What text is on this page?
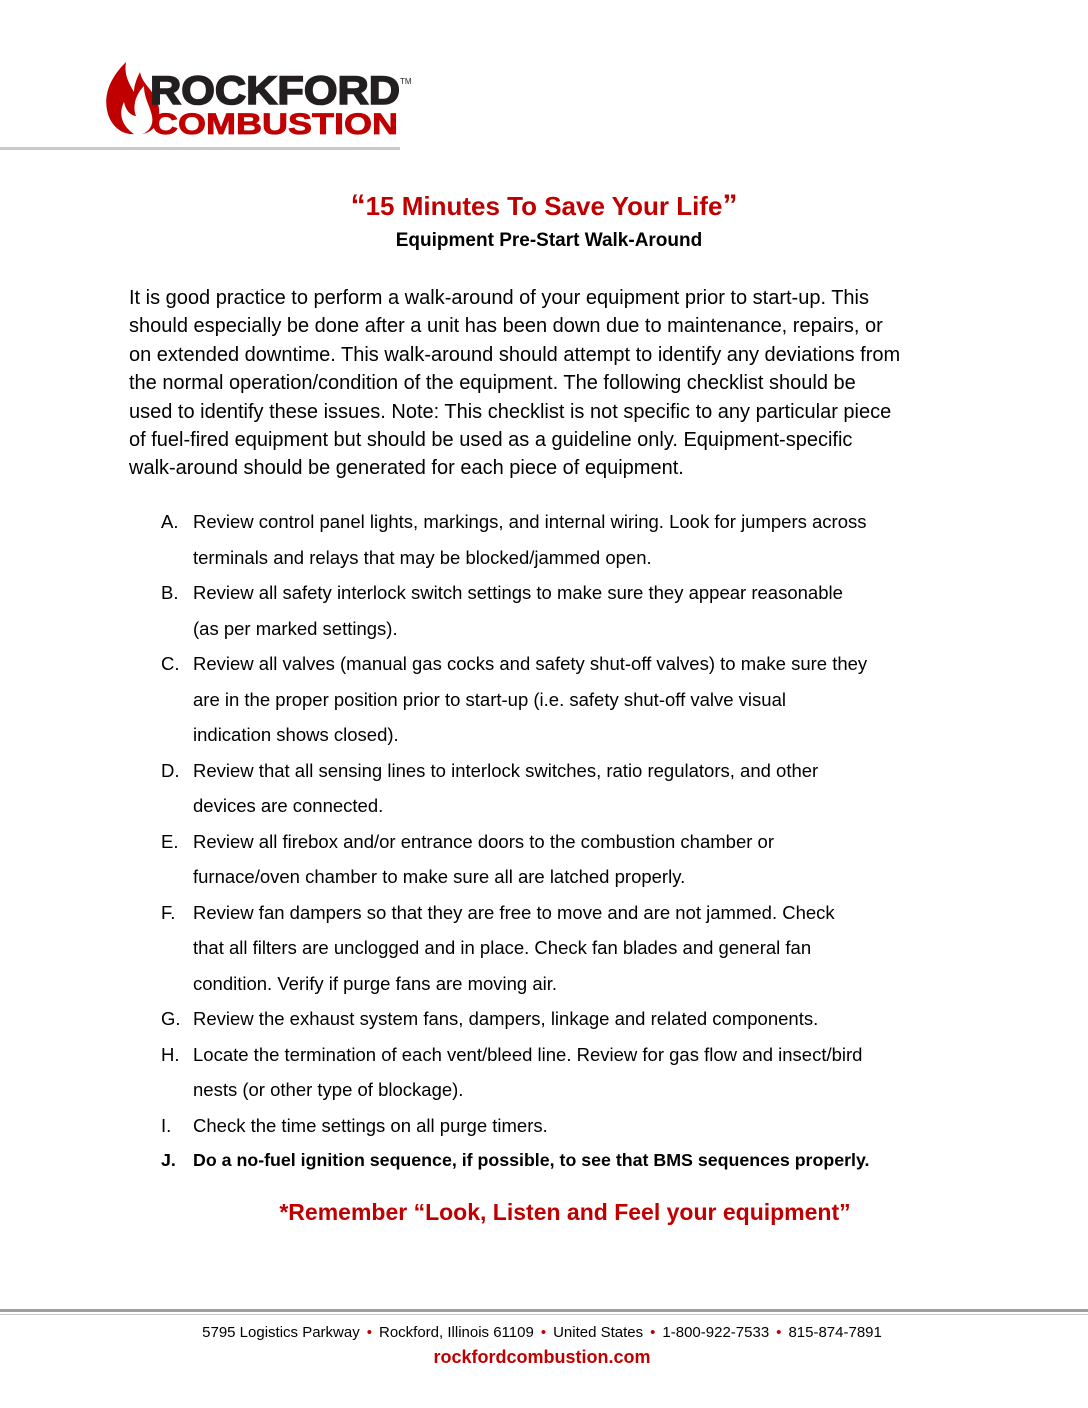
ROCKFORD TM
COMBUSTION
“15 Minutes To Save Your Life”
Equipment Pre-Start Walk-Around
It is good practice to perform a walk-around of your equipment prior to start-up. This
should especially be done after a unit has been down due to maintenance, repairs, or
on extended downtime. This walk-around should attempt to identify any deviations from
the normal operation/condition of the equipment. The following checklist should be
used to identify these issues. Note: This checklist is not specific to any particular piece
of fuel-fired equipment but should be used as a guideline only. Equipment-specific
walk-around should be generated for each piece of equipment.
A. Review control panel lights, markings, and internal wiring. Look for jumpers across
terminals and relays that may be blocked/jammed open.
B. Review all safety interlock switch settings to make sure they appear reasonable
(as per marked settings).
C. Review all valves (manual gas cocks and safety shut-off valves) to make sure they
are in the proper position prior to start-up (i.e. safety shut-off valve visual
indication shows closed).
D. Review that all sensing lines to interlock switches, ratio regulators, and other
devices are connected.
E. Review all firebox and/or entrance doors to the combustion chamber or
furnace/oven chamber to make sure all are latched properly.
F. Review fan dampers so that they are free to move and are not jammed. Check
that all filters are unclogged and in place. Check fan blades and general fan
condition. Verify if purge fans are moving air.
G. Review the exhaust system fans, dampers, linkage and related components.
H. Locate the termination of each vent/bleed line. Review for gas flow and insect/bird
nests (or other type of blockage).
I. Check the time settings on all purge timers.
J. Do a no-fuel ignition sequence, if possible, to see that BMS sequences properly.
*Remember “Look, Listen and Feel your equipment”
5795 Logistics Parkway • Rockford, Illinois 61109 • United States • 1-800-922-7533 • 815-874-7891
rockfordcombustion.com
